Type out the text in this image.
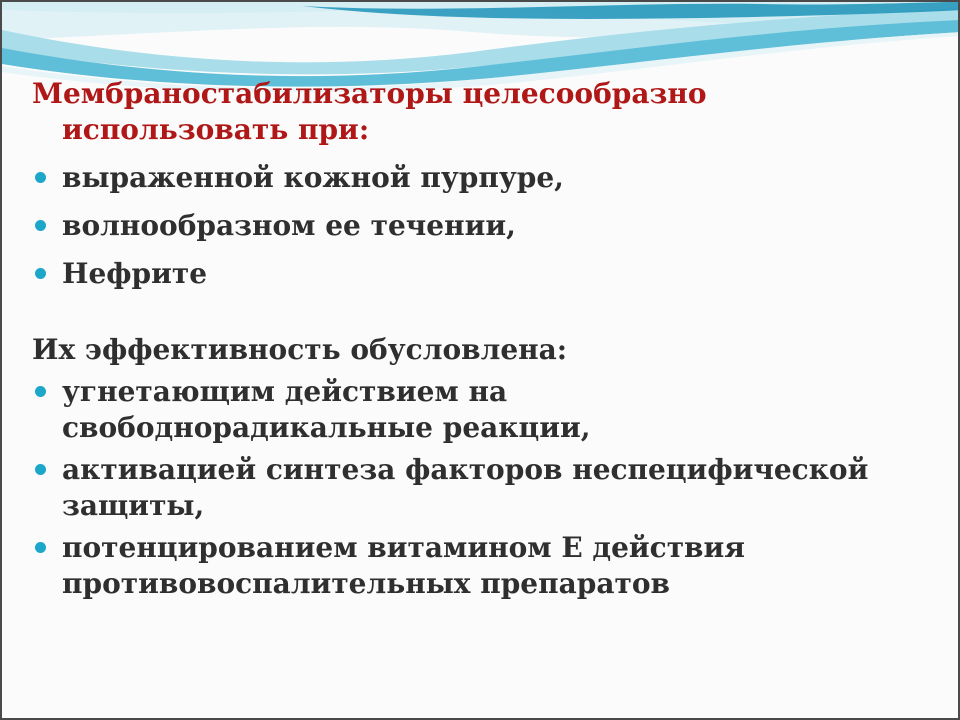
Мембраностабилизаторы целесообразно
использовать при:

выраженной кожной пурпуре,
волнообразном ее течении,
Нефрите

Их эффективность обусловлена:

угнетающим действием на
свободнорадикальные реакции,
активацией синтеза факторов неспецифической
защиты,
потенцированием витамином Е действия
противовоспалительных препаратов
